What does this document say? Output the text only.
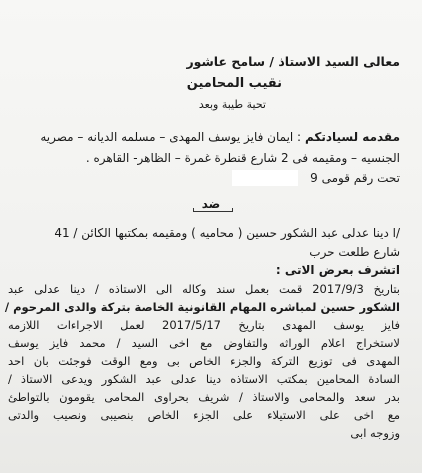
معالى السيد الاستاذ / سامح عاشور
نقيب المحامين
تحية طيبة وبعد
مقدمه لسيادتكم : ايمان فايز يوسف المهدى – مسلمه الديانه – مصريه
الجنسيه – ومقيمه فى 2 شارع قنطرة غمرة – الظاهر- القاهره .
تحت رقم قومى 9
ضد
/ا دينا عدلى عبد الشكور حسين ( محاميه ) ومقيمه بمكتبها الكائن / 41
شارع طلعت حرب
اتشرف بعرض الاتى :
بتاريخ 2017/9/3 قمت بعمل سند وكاله الى الاستاذه / دينا عدلى عبد
الشكور حسين لمباشره المهام القانونية الخاصة بتركة والدى المرحوم /
فايز يوسف المهدى بتاريخ 2017/5/17 لعمل الاجراءات اللازمه
لاستخراج اعلام الوراثه والتفاوض مع اخى السيد / محمد فايز يوسف
المهدى فى توزيع التركة والجزء الخاص بى ومع الوقت فوجئت بان احد
السادة المحامين بمكتب الاستاذه دينا عدلى عبد الشكور ويدعى الاستاذ /
بدر سعد والمحامى والاستاذ / شريف بحراوى المحامى يقومون بالتواطئ
مع اخى على الاستيلاء على الجزء الخاص بنصيبى ونصيب والدتى
وزوجه ابى
